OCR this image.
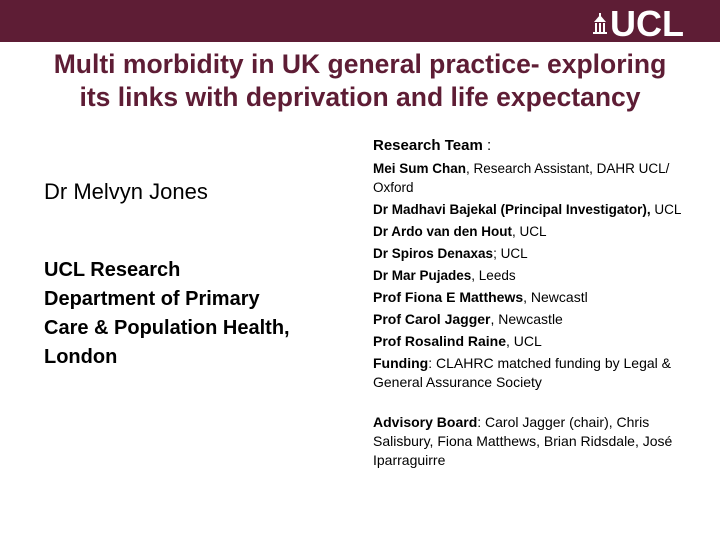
UCL
Multi morbidity in UK general practice- exploring
its links with deprivation and life expectancy
Dr Melvyn Jones
UCL Research
Department of Primary
Care & Population Health,
London
Research Team :
Mei Sum Chan, Research Assistant, DAHR UCL/ Oxford
Dr Madhavi Bajekal (Principal Investigator), UCL
Dr Ardo van den Hout, UCL
Dr Spiros Denaxas; UCL
Dr Mar Pujades, Leeds
Prof Fiona E Matthews, Newcastl
Prof Carol Jagger, Newcastle
Prof Rosalind Raine, UCL
Funding: CLAHRC matched funding by Legal & General Assurance Society
Advisory Board: Carol Jagger (chair), Chris Salisbury, Fiona Matthews, Brian Ridsdale, José Iparraguirre
